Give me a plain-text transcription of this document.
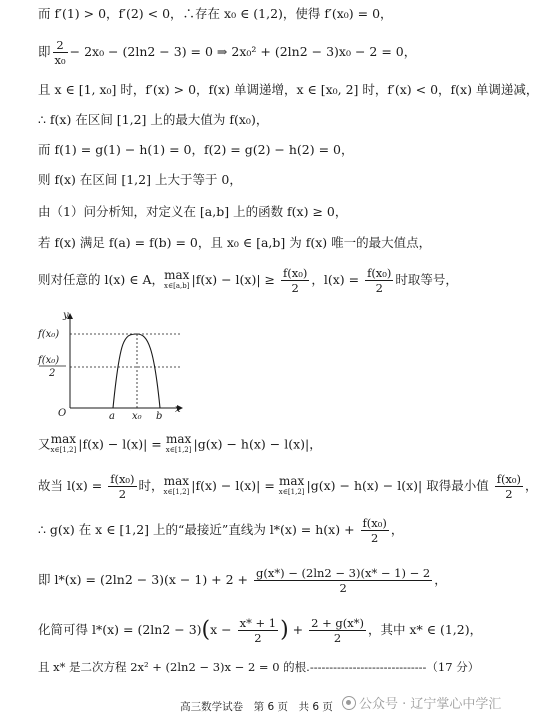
而 f′(1) > 0，f′(2) < 0，∴存在 x₀ ∈ (1,2)，使得 f′(x₀) = 0，
即 $\frac{2}{\text{x₀}} - 2x_0 - (2\ln 2 - 3) = 0$ ⇒ 2x₀² + (2ln2 − 3)x₀ − 2 = 0，
且 x ∈ [1, x₀] 时，f′(x) > 0，f(x) 单调递增，x ∈ [x₀, 2] 时，f′(x) < 0，f(x) 单调递减，
∴ f(x) 在区间 [1,2] 上的最大值为 f(x₀)，
而 f(1) = g(1) − h(1) = 0，f(2) = g(2) − h(2) = 0，
则 f(x) 在区间 [1,2] 上大于等于 0，
由（1）问分析知，对定义在 [a,b] 上的函数 f(x) ≥ 0，
若 f(x) 满足 f(a) = f(b) = 0，且 x₀ ∈ [a,b] 为 f(x) 唯一的最大值点，
则对任意的 l(x) ∈ A， max
x∈[a,b] $|f(x) - l(x)| \ge \frac{\text{f(x₀)}}{2}$ ，$l(x) = \frac{\text{f(x₀)}}{2}$ 时取等号，
y
x
O
f(x₀)
f(x₀)
2
a x₀ b
又 max
x∈[1,2] |f(x) − l(x)| = max
x∈[1,2] |g(x) − h(x) − l(x)|，
故当 $l(x) = \frac{\text{f(x₀)}}{2}$ 时， max
x∈[1,2] |f(x) − l(x)| = max
x∈[1,2] |g(x) − h(x) − l(x)| 取得最小值 $\frac{\text{f(x₀)}}{2}$ ，
∴ g(x) 在 x ∈ [1,2] 上的“最接近”直线为 $l*(x) = h(x) + \frac{\text{f(x₀)}}{2}$ ，
即 $l*(x) = (2\ln 2 - 3)(x - 1) + 2 + \frac{g(x*) - (2\ln 2 - 3)(x* - 1) - 2}{2}$ ，
化简可得 $l*(x) = (2\ln 2 - 3)(x - \frac{x* + 1}{2}$ ) + $\frac{2 + g(x*)}{2}$ ，其中 x* ∈ (1,2)，
且 x* 是二次方程 2x² + (2ln2 − 3)x − 2 = 0 的根.------------------------------（17 分）
高三数学试卷　第 6 页　共 6 页	公众号 · 辽宁掌心中学汇
